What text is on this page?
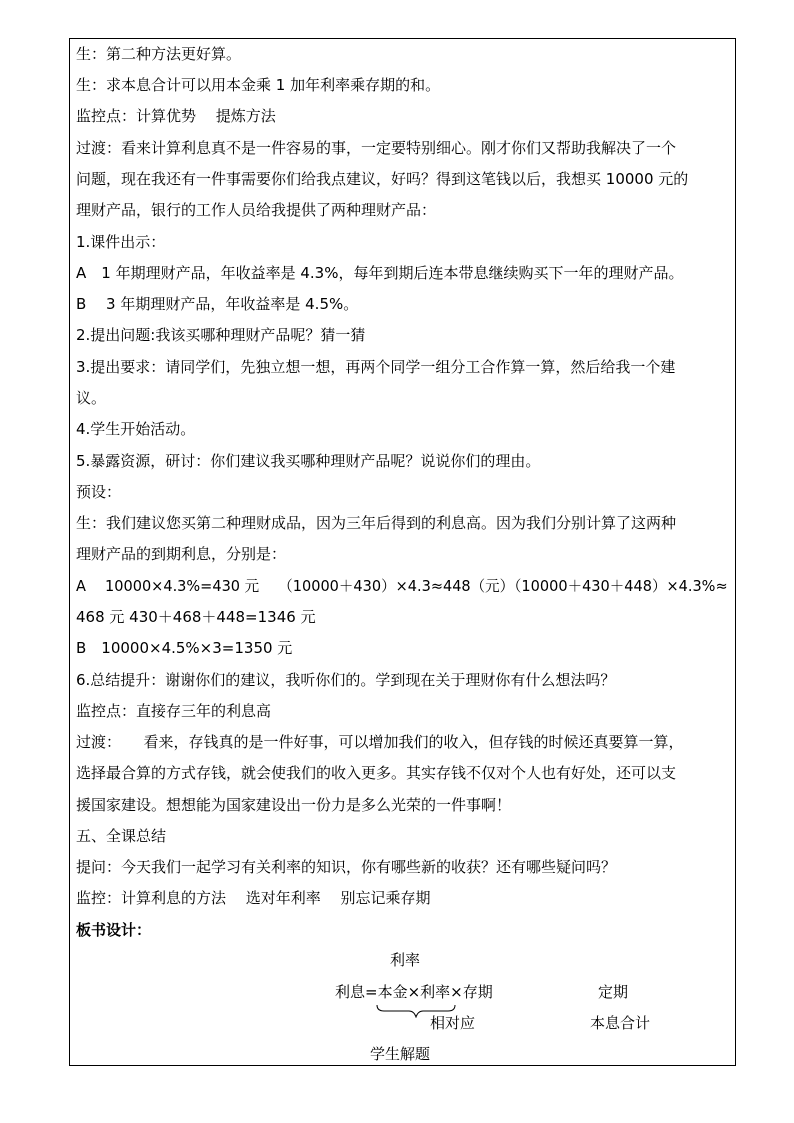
生：第二种方法更好算。
生：求本息合计可以用本金乘 1 加年利率乘存期的和。
监控点：计算优势　 提炼方法
过渡：看来计算利息真不是一件容易的事，一定要特别细心。刚才你们又帮助我解决了一个
问题，现在我还有一件事需要你们给我点建议，好吗？得到这笔钱以后，我想买 10000 元的
理财产品，银行的工作人员给我提供了两种理财产品：
1.课件出示：
A　1 年期理财产品，年收益率是 4.3%，每年到期后连本带息继续购买下一年的理财产品。
B　 3 年期理财产品，年收益率是 4.5%。
2.提出问题:我该买哪种理财产品呢？猜一猜
3.提出要求：请同学们，先独立想一想，再两个同学一组分工合作算一算，然后给我一个建
议。
4.学生开始活动。
5.暴露资源，研讨：你们建议我买哪种理财产品呢？说说你们的理由。
预设：
生：我们建议您买第二种理财成品，因为三年后得到的利息高。因为我们分别计算了这两种
理财产品的到期利息，分别是：
A　 10000×4.3%=430 元　 （10000＋430）×4.3≈448（元）（10000＋430＋448）×4.3%≈
468 元 430＋468＋448=1346 元
B　10000×4.5%×3=1350 元
6.总结提升：谢谢你们的建议，我听你们的。学到现在关于理财你有什么想法吗？
监控点：直接存三年的利息高
过渡：　　看来，存钱真的是一件好事，可以增加我们的收入，但存钱的时候还真要算一算，
选择最合算的方式存钱，就会使我们的收入更多。其实存钱不仅对个人也有好处，还可以支
援国家建设。想想能为国家建设出一份力是多么光荣的一件事啊！
五、全课总结
提问：今天我们一起学习有关利率的知识，你有哪些新的收获？还有哪些疑问吗？
监控：计算利息的方法　 选对年利率　 别忘记乘存期
板书设计：
利率
利息=本金×利率×存期	定期
相对应	本息合计
学生解题
